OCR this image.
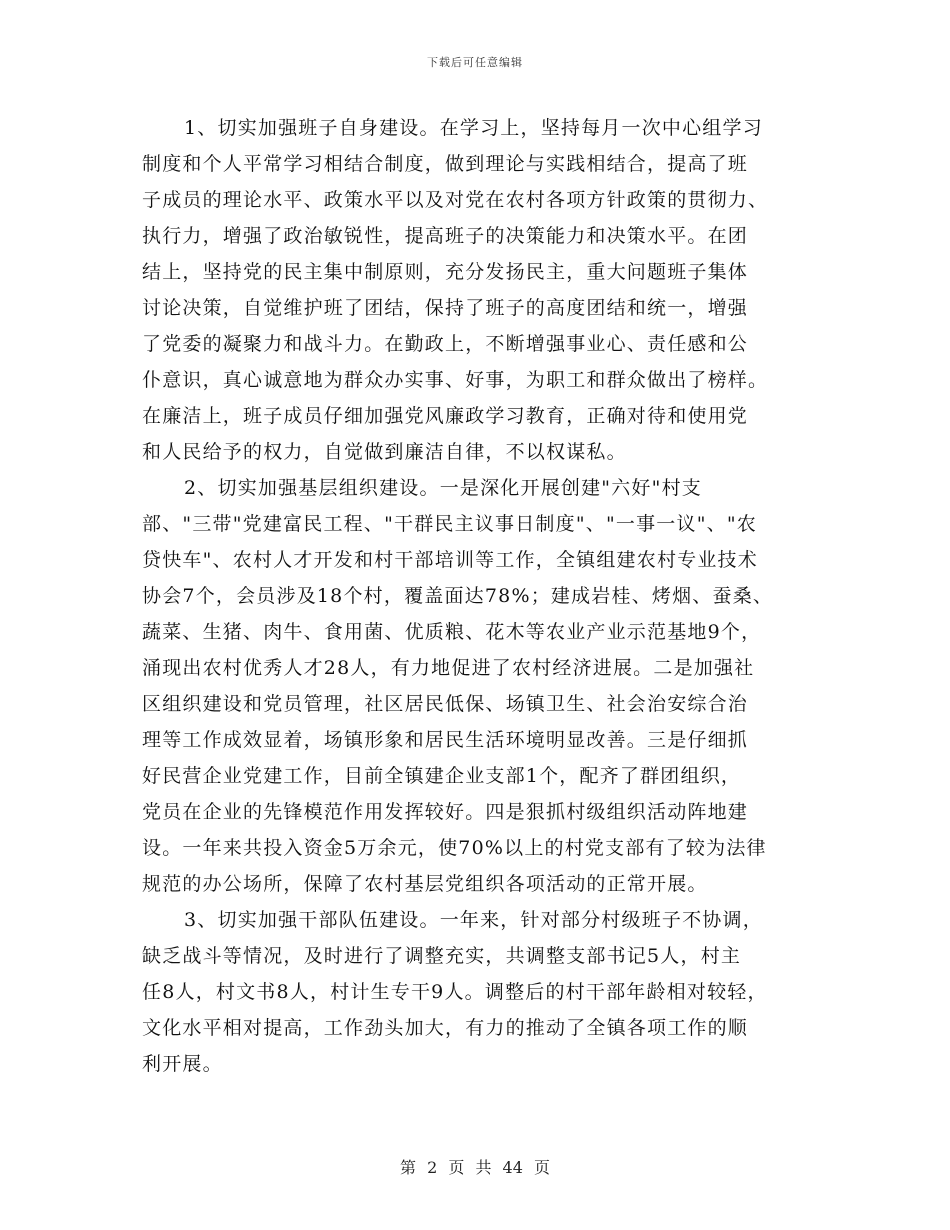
下载后可任意编辑
1、切实加强班子自身建设。在学习上，坚持每月一次中心组学习
制度和个人平常学习相结合制度，做到理论与实践相结合，提高了班
子成员的理论水平、政策水平以及对党在农村各项方针政策的贯彻力、
执行力，增强了政治敏锐性，提高班子的决策能力和决策水平。在团
结上，坚持党的民主集中制原则，充分发扬民主，重大问题班子集体
讨论决策，自觉维护班了团结，保持了班子的高度团结和统一，增强
了党委的凝聚力和战斗力。在勤政上，不断增强事业心、责任感和公
仆意识，真心诚意地为群众办实事、好事，为职工和群众做出了榜样。
在廉洁上，班子成员仔细加强党风廉政学习教育，正确对待和使用党
和人民给予的权力，自觉做到廉洁自律，不以权谋私。
2、切实加强基层组织建设。一是深化开展创建"六好"村支
部、"三带"党建富民工程、"干群民主议事日制度"、"一事一议"、"农
贷快车"、农村人才开发和村干部培训等工作，全镇组建农村专业技术
协会7个，会员涉及18个村，覆盖面达78%；建成岩桂、烤烟、蚕桑、
蔬菜、生猪、肉牛、食用菌、优质粮、花木等农业产业示范基地9个，
涌现出农村优秀人才28人，有力地促进了农村经济进展。二是加强社
区组织建设和党员管理，社区居民低保、场镇卫生、社会治安综合治
理等工作成效显着，场镇形象和居民生活环境明显改善。三是仔细抓
好民营企业党建工作，目前全镇建企业支部1个，配齐了群团组织，
党员在企业的先锋模范作用发挥较好。四是狠抓村级组织活动阵地建
设。一年来共投入资金5万余元，使70%以上的村党支部有了较为法律
规范的办公场所，保障了农村基层党组织各项活动的正常开展。
3、切实加强干部队伍建设。一年来，针对部分村级班子不协调，
缺乏战斗等情况，及时进行了调整充实，共调整支部书记5人，村主
任8人，村文书8人，村计生专干9人。调整后的村干部年龄相对较轻，
文化水平相对提高，工作劲头加大，有力的推动了全镇各项工作的顺
利开展。
第 2 页 共 44 页
